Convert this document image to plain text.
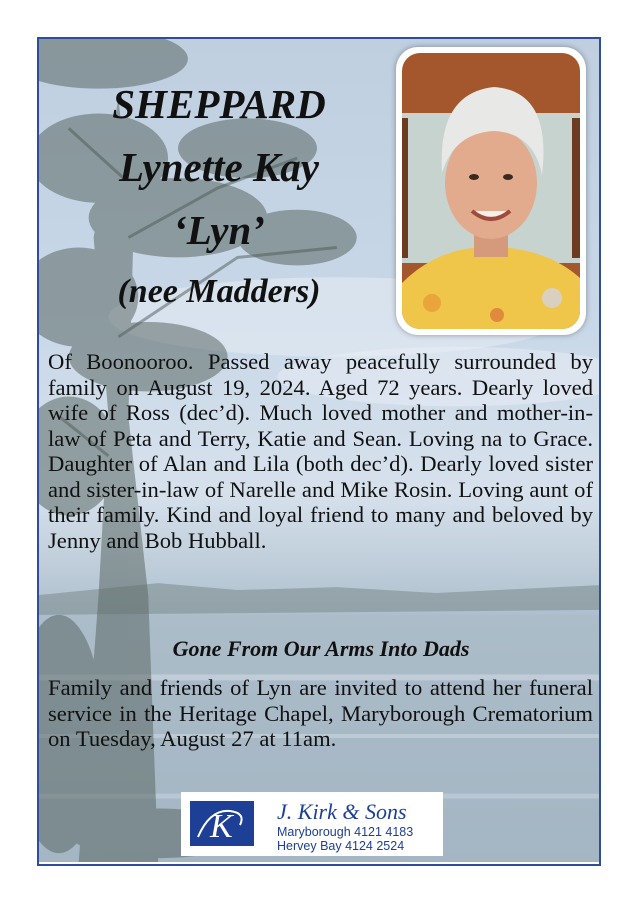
SHEPPARD
Lynette Kay
‘Lyn’
(nee Madders)

Of Boonooroo. Passed away peacefully surrounded by family on August 19, 2024. Aged 72 years. Dearly loved wife of Ross (dec’d). Much loved mother and mother-in-law of Peta and Terry, Katie and Sean. Loving na to Grace. Daughter of Alan and Lila (both dec’d). Dearly loved sister and sister-in-law of Narelle and Mike Rosin. Loving aunt of their family. Kind and loyal friend to many and beloved by Jenny and Bob Hubball.

Gone From Our Arms Into Dads

Family and friends of Lyn are invited to attend her funeral service in the Heritage Chapel, Maryborough Crematorium on Tuesday, August 27 at 11am.

K J. Kirk & Sons
Maryborough 4121 4183
Hervey Bay 4124 2524
